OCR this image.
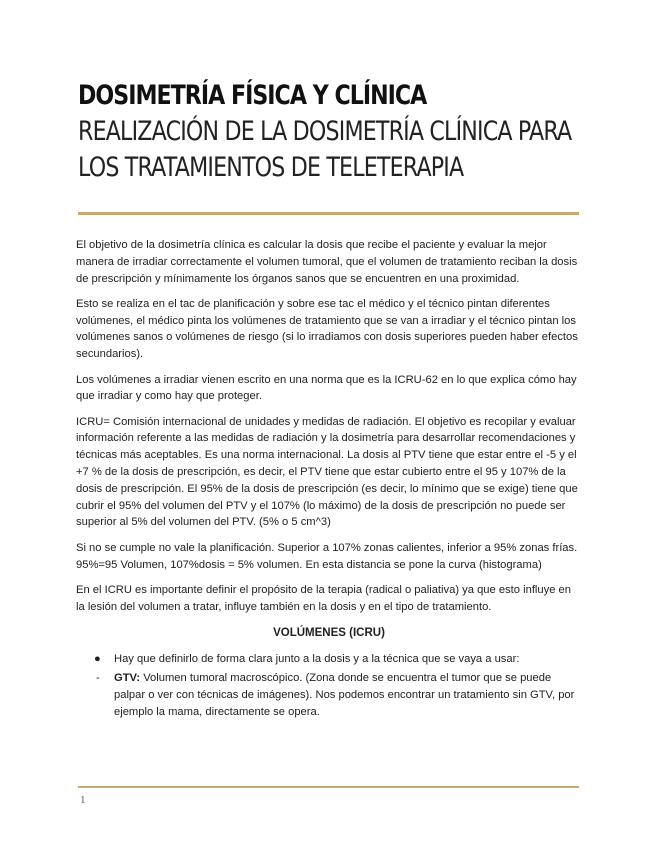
DOSIMETRÍA FÍSICA Y CLÍNICA
REALIZACIÓN DE LA DOSIMETRÍA CLÍNICA PARA
LOS TRATAMIENTOS DE TELETERAPIA

El objetivo de la dosimetría clínica es calcular la dosis que recibe el paciente y evaluar la mejor manera de irradiar correctamente el volumen tumoral, que el volumen de tratamiento reciban la dosis de prescripción y mínimamente los órganos sanos que se encuentren en una proximidad.

Esto se realiza en el tac de planificación y sobre ese tac el médico y el técnico pintan diferentes volúmenes, el médico pinta los volúmenes de tratamiento que se van a irradiar y el técnico pintan los volúmenes sanos o volúmenes de riesgo (si lo irradiamos con dosis superiores pueden haber efectos secundarios).

Los volúmenes a irradiar vienen escrito en una norma que es la ICRU-62 en lo que explica cómo hay que irradiar y como hay que proteger.

ICRU= Comisión internacional de unidades y medidas de radiación. El objetivo es recopilar y evaluar información referente a las medidas de radiación y la dosimetría para desarrollar recomendaciones y técnicas más aceptables. Es una norma internacional. La dosis al PTV tiene que estar entre el -5 y el +7 % de la dosis de prescripción, es decir, el PTV tiene que estar cubierto entre el 95 y 107% de la dosis de prescripción. El 95% de la dosis de prescripción (es decir, lo mínimo que se exige) tiene que cubrir el 95% del volumen del PTV y el 107% (lo máximo) de la dosis de prescripción no puede ser superior al 5% del volumen del PTV. (5% o 5 cm^3)

Si no se cumple no vale la planificación. Superior a 107% zonas calientes, inferior a 95% zonas frías. 95%=95 Volumen, 107%dosis = 5% volumen. En esta distancia se pone la curva (histograma)

En el ICRU es importante definir el propósito de la terapia (radical o paliativa) ya que esto influye en la lesión del volumen a tratar, influye también en la dosis y en el tipo de tratamiento.

VOLÚMENES (ICRU)
●	Hay que definirlo de forma clara junto a la dosis y a la técnica que se vaya a usar:
-	GTV: Volumen tumoral macroscópico. (Zona donde se encuentra el tumor que se puede palpar o ver con técnicas de imágenes). Nos podemos encontrar un tratamiento sin GTV, por ejemplo la mama, directamente se opera.
1
